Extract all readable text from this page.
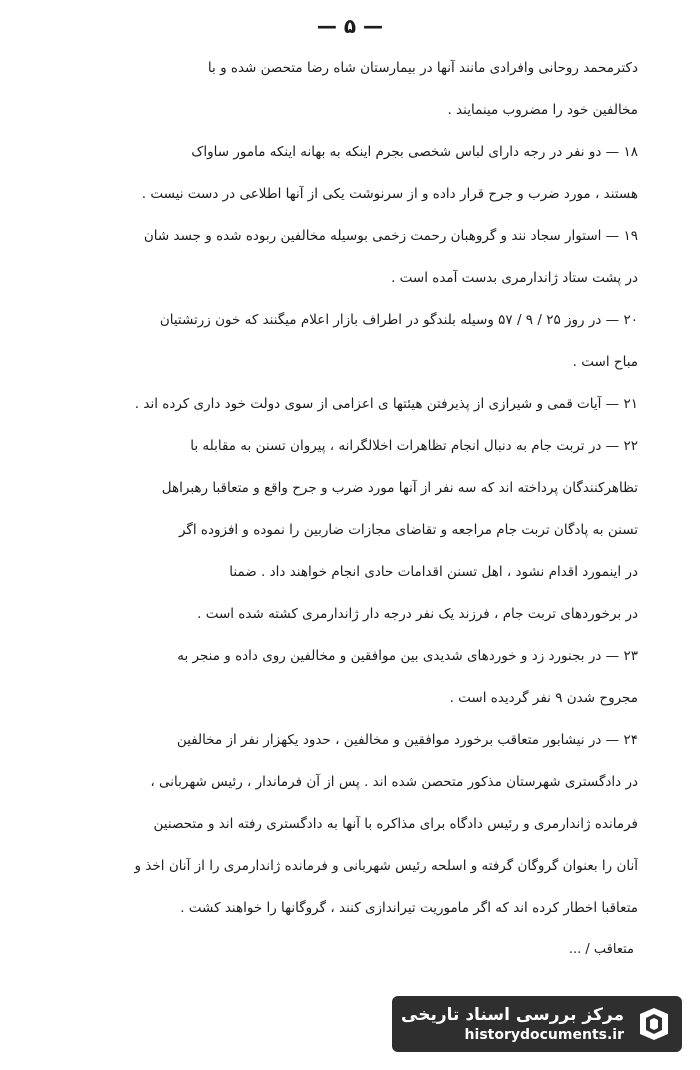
— ۵ —
دکترمحمد روحانی وافرادی مانند آنها در بیمارستان شاه رضا متحصن شده و با
مخالفین خود را مضروب مینمایند .
۱۸ — دو نفر در رجه دارای لباس شخصی بجرم اینکه به بهانه اینکه مامور ساواک
هستند ، مورد ضرب و جرح قرار داده و از سرنوشت یکی از آنها اطلاعی در دست نیست .
۱۹ — استوار سجاد نند و گروهبان رحمت زخمی بوسیله مخالفین ربوده شده و جسد شان
در پشت ستاد ژاندارمری بدست آمده است .
۲۰ — در روز ۲۵ / ۹ / ۵۷ وسیله بلندگو در اطراف بازار اعلام میگنند که خون زرتشتیان
مباح است .
۲۱ — آیات قمی و شیرازی از پذیرفتن هیئتها ی اعزامی از سوی دولت خود داری کرده اند .
۲۲ — در تربت جام به دنبال انجام تظاهرات اخلالگرانه ، پیروان تسنن به مقابله با
تظاهرکنندگان پرداخته اند که سه نفر از آنها مورد ضرب و جرح واقع و متعاقبا رهبراهل
تسنن به پادگان تربت جام مراجعه و تقاضای مجازات ضاربین را نموده و افزوده اگر
در اینمورد اقدام نشود ، اهل تسنن اقدامات حادی انجام خواهند داد . ضمنا
در برخوردهای تربت جام ، فرزند یک نفر درجه دار ژاندارمری کشته شده است .
۲۳ — در بجنورد زد و خوردهای شدیدی بین موافقین و مخالفین روی داده و منجر به
مجروح شدن ۹ نفر گردیده است .
۲۴ — در نیشابور متعاقب برخورد موافقین و مخالفین ، حدود یکهزار نفر از مخالفین
در دادگستری شهرستان مذکور متحصن شده اند . پس از آن فرماندار ، رئیس شهربانی ،
فرمانده ژاندارمری و رئیس دادگاه برای مذاکره با آنها به دادگستری رفته اند و متحصنین
آنان را بعنوان گروگان گرفته و اسلحه رئیس شهربانی و فرمانده ژاندارمری را از آنان اخذ و
متعاقبا اخطار کرده اند که اگر ماموریت تیراندازی کنند ، گروگانها را خواهند کشت .
متعاقب / ...
مرکز بررسی اسناد تاریخی
historydocuments.ir
